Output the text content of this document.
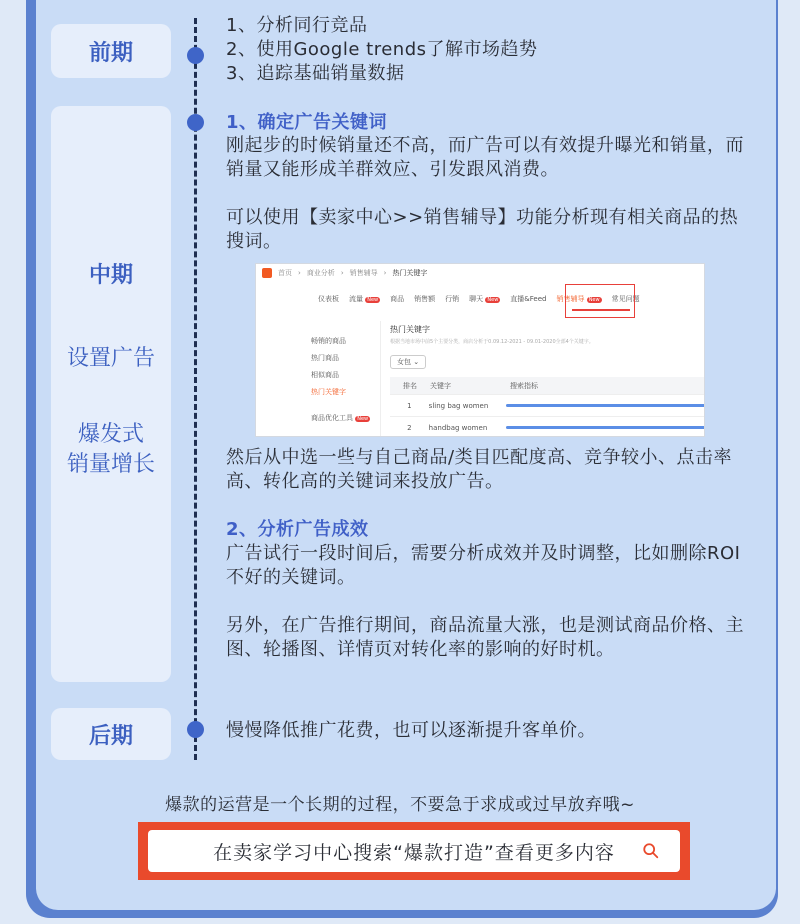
前期
中期
设置广告
爆发式
销量增长
后期
1、分析同行竞品
2、使用Google trends了解市场趋势
3、追踪基础销量数据
1、确定广告关键词
刚起步的时候销量还不高，而广告可以有效提升曝光和销量，而销量又能形成羊群效应、引发跟风消费。
可以使用【卖家中心>>销售辅导】功能分析现有相关商品的热搜词。
首页 › 商业分析 › 销售辅导 › 热门关键字
仪表板 流量 New 商品 销售额 行销 聊天 New 直播&Feed 销售辅导 New 常见问题
畅销的商品
热门商品
相似商品
热门关键字
商品优化工具 New
热门关键字
根据当地市场中前5个主要分类，商店分析于0.09.12-2021 - 09.01-2020全部4个关键字。
女包 ⌄
排名	关键字	搜索指标
1	sling bag women
2	handbag women
然后从中选一些与自己商品/类目匹配度高、竞争较小、点击率高、转化高的关键词来投放广告。
2、分析广告成效
广告试行一段时间后，需要分析成效并及时调整，比如删除ROI不好的关键词。
另外，在广告推行期间，商品流量大涨，也是测试商品价格、主图、轮播图、详情页对转化率的影响的好时机。
慢慢降低推广花费，也可以逐渐提升客单价。
爆款的运营是一个长期的过程，不要急于求成或过早放弃哦~
在卖家学习中心搜索“爆款打造”查看更多内容
